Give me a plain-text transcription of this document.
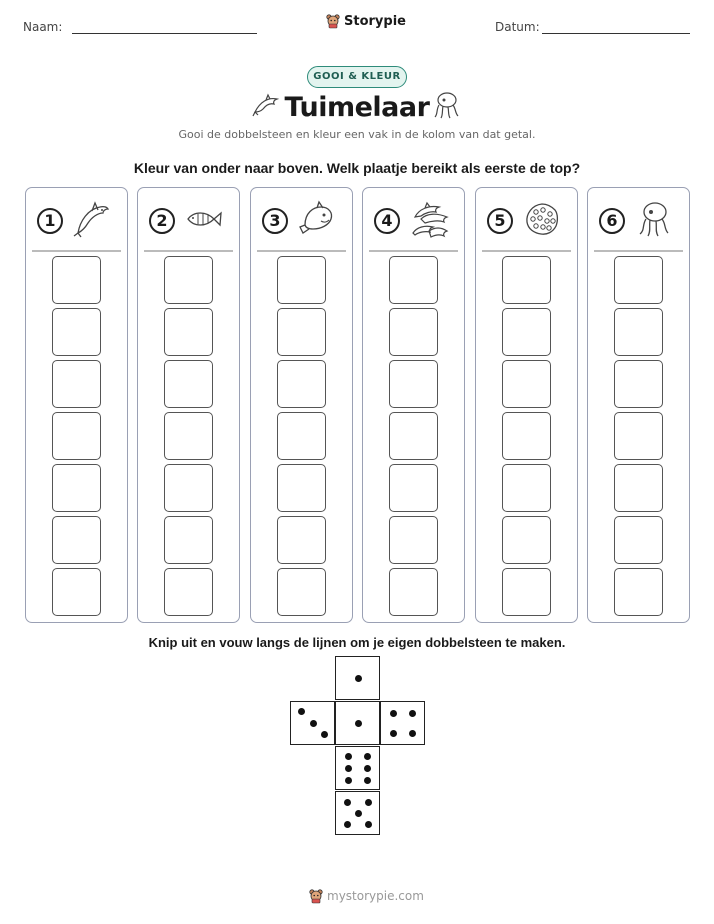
Naam:	Storypie	Datum:
GOOI & KLEUR
Tuimelaar
Gooi de dobbelsteen en kleur een vak in de kolom van dat getal.
Kleur van onder naar boven. Welk plaatje bereikt als eerste de top?
1	2	3	4	5	6
Knip uit en vouw langs de lijnen om je eigen dobbelsteen te maken.
mystorypie.com
